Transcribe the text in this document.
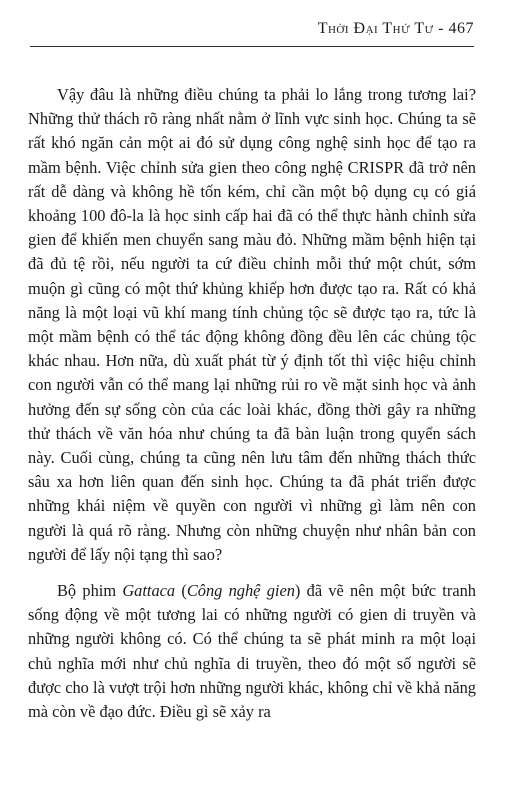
Thời Đại Thứ Tư - 467

Vậy đâu là những điều chúng ta phải lo lắng trong tương lai? Những thử thách rõ ràng nhất nằm ở lĩnh vực sinh học. Chúng ta sẽ rất khó ngăn cản một ai đó sử dụng công nghệ sinh học để tạo ra mầm bệnh. Việc chỉnh sửa gien theo công nghệ CRISPR đã trở nên rất dễ dàng và không hề tốn kém, chỉ cần một bộ dụng cụ có giá khoảng 100 đô-la là học sinh cấp hai đã có thể thực hành chỉnh sửa gien để khiến men chuyển sang màu đỏ. Những mầm bệnh hiện tại đã đủ tệ rồi, nếu người ta cứ điều chỉnh mỗi thứ một chút, sớm muộn gì cũng có một thứ khủng khiếp hơn được tạo ra. Rất có khả năng là một loại vũ khí mang tính chủng tộc sẽ được tạo ra, tức là một mầm bệnh có thể tác động không đồng đều lên các chủng tộc khác nhau. Hơn nữa, dù xuất phát từ ý định tốt thì việc hiệu chỉnh con người vẫn có thể mang lại những rủi ro về mặt sinh học và ảnh hưởng đến sự sống còn của các loài khác, đồng thời gây ra những thử thách về văn hóa như chúng ta đã bàn luận trong quyển sách này. Cuối cùng, chúng ta cũng nên lưu tâm đến những thách thức sâu xa hơn liên quan đến sinh học. Chúng ta đã phát triển được những khái niệm về quyền con người vì những gì làm nên con người là quá rõ ràng. Nhưng còn những chuyện như nhân bản con người để lấy nội tạng thì sao?

Bộ phim Gattaca (Công nghệ gien) đã vẽ nên một bức tranh sống động về một tương lai có những người có gien di truyền và những người không có. Có thể chúng ta sẽ phát minh ra một loại chủ nghĩa mới như chủ nghĩa di truyền, theo đó một số người sẽ được cho là vượt trội hơn những người khác, không chỉ về khả năng mà còn về đạo đức. Điều gì sẽ xảy ra
